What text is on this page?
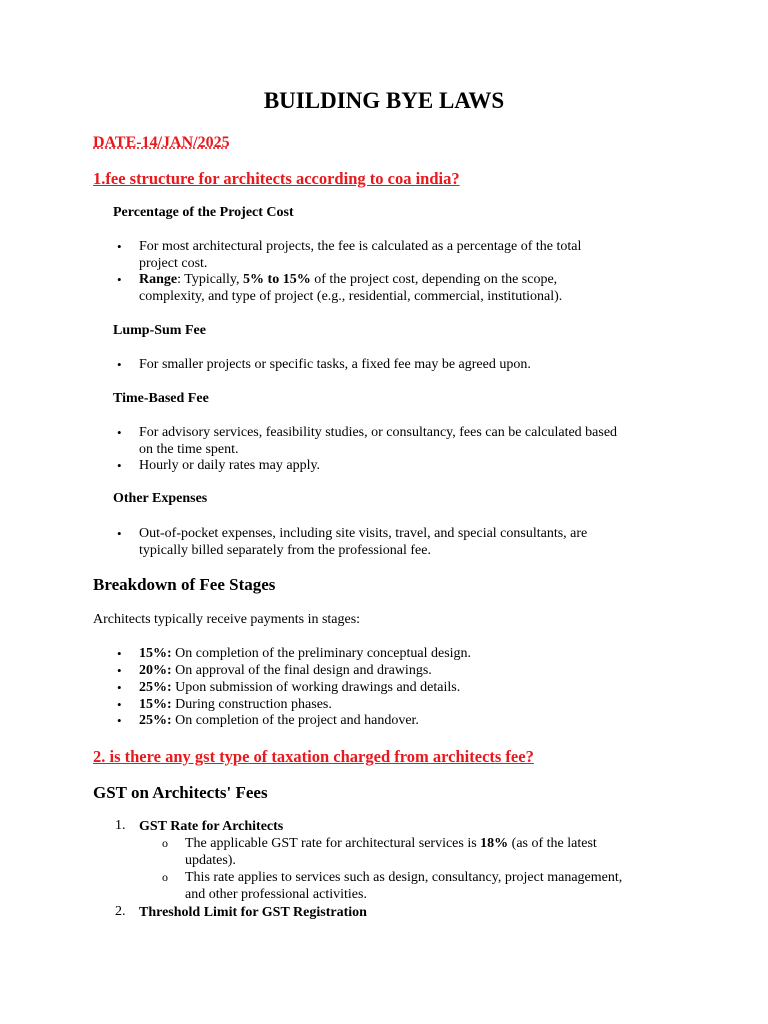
BUILDING BYE LAWS
DATE-14/JAN/2025
1.fee structure for architects according to coa india?
Percentage of the Project Cost
• For most architectural projects, the fee is calculated as a percentage of the total
project cost.
• Range: Typically, 5% to 15% of the project cost, depending on the scope,
complexity, and type of project (e.g., residential, commercial, institutional).
Lump-Sum Fee
• For smaller projects or specific tasks, a fixed fee may be agreed upon.
Time-Based Fee
• For advisory services, feasibility studies, or consultancy, fees can be calculated based
on the time spent.
• Hourly or daily rates may apply.
Other Expenses
• Out-of-pocket expenses, including site visits, travel, and special consultants, are
typically billed separately from the professional fee.
Breakdown of Fee Stages
Architects typically receive payments in stages:
• 15%: On completion of the preliminary conceptual design.
• 20%: On approval of the final design and drawings.
• 25%: Upon submission of working drawings and details.
• 15%: During construction phases.
• 25%: On completion of the project and handover.
2. is there any gst type of taxation charged from architects fee?
GST on Architects' Fees
1. GST Rate for Architects
o The applicable GST rate for architectural services is 18% (as of the latest
updates).
o This rate applies to services such as design, consultancy, project management,
and other professional activities.
2. Threshold Limit for GST Registration
